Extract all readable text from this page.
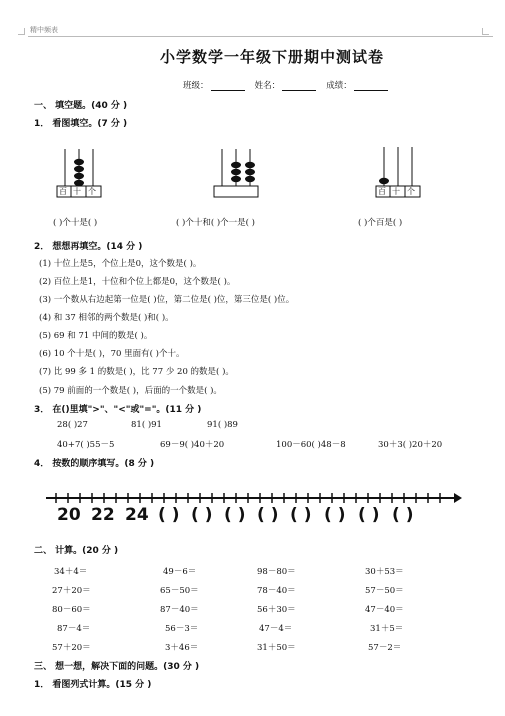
精中频表
小学数学一年级下册期中测试卷
班级：	姓名：	成绩：
一、 填空题。(40 分 )
1． 看图填空。(7 分 )
百 十 个	百 十 个
( )个十是( )	( )个十和( )个一是( )	( )个百是( )
2． 想想再填空。(14 分 )
(1) 十位上是5，个位上是0，这个数是( )。
(2) 百位上是1，十位和个位上都是0，这个数是( )。
(3) 一个数从右边起第一位是( )位，第二位是( )位，第三位是( )位。
(4) 和 37 相邻的两个数是( )和( )。
(5) 69 和 71 中间的数是( )。
(6) 10 个十是( )，70 里面有( )个十。
(7) 比 99 多 1 的数是( )，比 77 少 20 的数是( )。
(5) 79 前面的一个数是( )，后面的一个数是( )。
3． 在()里填">"、"<"或"="。(11 分 )
28( )27	81( )91	91( )89
40+7( )55－5	69－9( )40＋20	100－60( )48－8	30＋3( )20＋20
4． 按数的顺序填写。(8 分 )
20 22 24 ( ) ( ) ( ) ( ) ( ) ( ) ( ) ( )
二、 计算。(20 分 )
34＋4＝	49－6＝	98－80＝	30＋53＝
27＋20＝	65－50＝	78－40＝	57－50＝
80－60＝	87－40＝	56＋30＝	47－40＝
87－4＝	56－3＝	47－4＝	31＋5＝
57＋20＝	3＋46＝	31＋50＝	57－2＝
三、 想一想，解决下面的问题。(30 分 )
1． 看图列式计算。(15 分 )
